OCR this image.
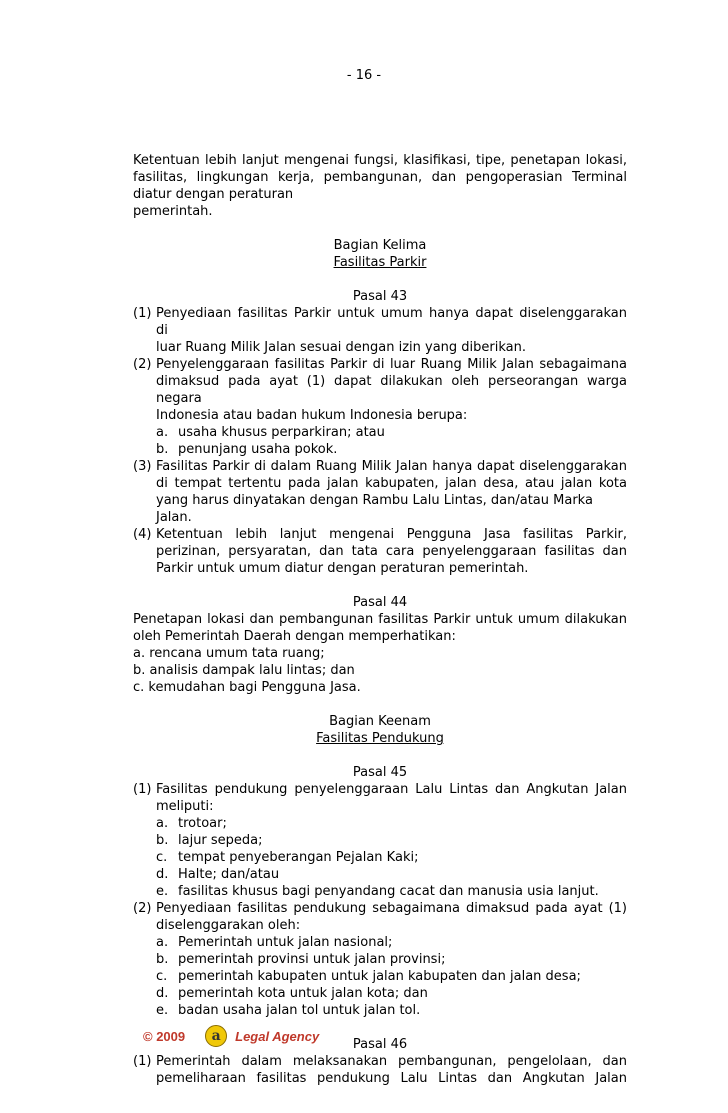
- 16 -

Ketentuan lebih lanjut mengenai fungsi, klasifikasi, tipe, penetapan lokasi,

fasilitas, lingkungan kerja, pembangunan, dan pengoperasian Terminal

diatur dengan peraturan

pemerintah.

Bagian Kelima

Fasilitas Parkir

Pasal 43

(1) Penyediaan fasilitas Parkir untuk umum hanya dapat diselenggarakan di

luar Ruang Milik Jalan sesuai dengan izin yang diberikan.

(2) Penyelenggaraan fasilitas Parkir di luar Ruang Milik Jalan sebagaimana

dimaksud pada ayat (1) dapat dilakukan oleh perseorangan warga negara

Indonesia atau badan hukum Indonesia berupa:

a. usaha khusus perparkiran; atau
b. penunjang usaha pokok.
(3) Fasilitas Parkir di dalam Ruang Milik Jalan hanya dapat diselenggarakan

di tempat tertentu pada jalan kabupaten, jalan desa, atau jalan kota

yang harus dinyatakan dengan Rambu Lalu Lintas, dan/atau Marka Jalan.

(4) Ketentuan lebih lanjut mengenai Pengguna Jasa fasilitas Parkir,

perizinan, persyaratan, dan tata cara penyelenggaraan fasilitas dan

Parkir untuk umum diatur dengan peraturan pemerintah.

Pasal 44

Penetapan lokasi dan pembangunan fasilitas Parkir untuk umum dilakukan

oleh Pemerintah Daerah dengan memperhatikan:

a. rencana umum tata ruang;

b. analisis dampak lalu lintas; dan

c. kemudahan bagi Pengguna Jasa.

Bagian Keenam

Fasilitas Pendukung

Pasal 45

(1) Fasilitas pendukung penyelenggaraan Lalu Lintas dan Angkutan Jalan

meliputi:

a. trotoar;
b. lajur sepeda;
c. tempat penyeberangan Pejalan Kaki;
d. Halte; dan/atau
e. fasilitas khusus bagi penyandang cacat dan manusia usia lanjut.
(2) Penyediaan fasilitas pendukung sebagaimana dimaksud pada ayat (1)

diselenggarakan oleh:

a. Pemerintah untuk jalan nasional;
b. pemerintah provinsi untuk jalan provinsi;
c. pemerintah kabupaten untuk jalan kabupaten dan jalan desa;
d. pemerintah kota untuk jalan kota; dan
e. badan usaha jalan tol untuk jalan tol.

Pasal 46

(1) Pemerintah dalam melaksanakan pembangunan, pengelolaan, dan

pemeliharaan fasilitas pendukung Lalu Lintas dan Angkutan Jalan

© 2009	a	Legal Agency
